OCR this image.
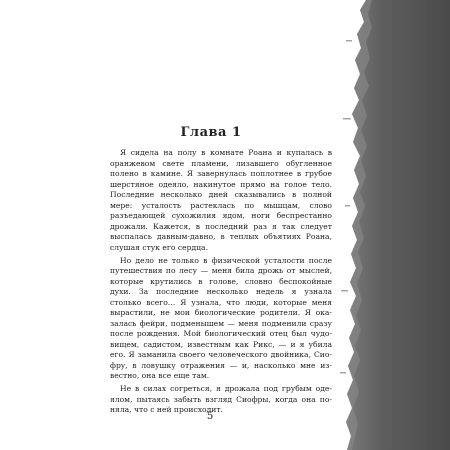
Глава 1

Я сидела на полу в комнате Роана и купалась в оранжевом свете пламени, лизавшего обугленное полено в камине. Я завернулась поплотнее в грубое шерстяное одеяло, накинутое прямо на голое тело. Последние несколько дней сказывались в полной мере: усталость растеклась по мышцам, слово разъедающей сухожилия ядом, ноги беспрестанно дрожали. Кажется, в последний раз я так следует выспалась давным-давно, в теплых объятиях Роана, слушая стук его сердца.

Но дело не только в физической усталости после путешествия по лесу — меня била дрожь от мыслей, которые крутились в голове, словно беспокойные духи. За последние несколько недель я узнала столько всего… Я узнала, что люди, которые меня вырастили, не мои биологические родители. Я оказалась фейри, подменышем — меня подменили сразу после рождения. Мой биологический отец был чудовищем, садистом, известным как Рикс, — и я убила его. Я заманила своего человеческого двойника, Сиофру, в ловушку отражения — и, насколько мне известно, она все еще там.

Не в силах согреться, я дрожала под грубым одеялом, пытаясь забыть взгляд Сиофры, когда она поняла, что с ней происходит.

5
